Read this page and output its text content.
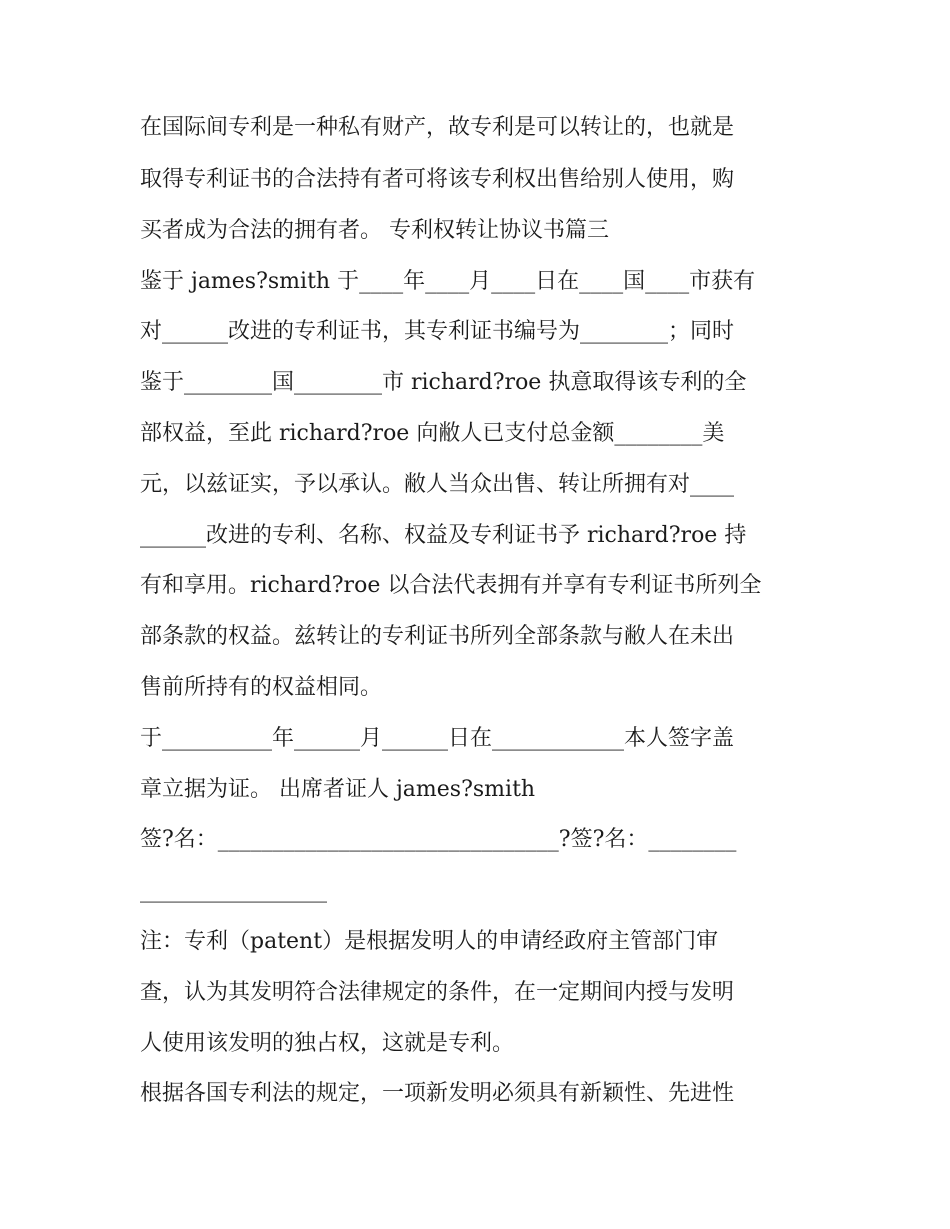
在国际间专利是一种私有财产，故专利是可以转让的，也就是
取得专利证书的合法持有者可将该专利权出售给别人使用，购
买者成为合法的拥有者。 专利权转让协议书篇三
鉴于 james?smith 于____年____月____日在____国____市获有
对______改进的专利证书，其专利证书编号为________；同时
鉴于________国________市 richard?roe 执意取得该专利的全
部权益，至此 richard?roe 向敝人已支付总金额________美
元，以兹证实，予以承认。敝人当众出售、转让所拥有对____
______改进的专利、名称、权益及专利证书予 richard?roe 持
有和享用。richard?roe 以合法代表拥有并享有专利证书所列全
部条款的权益。兹转让的专利证书所列全部条款与敝人在未出
售前所持有的权益相同。
于__________年______月______日在____________本人签字盖
章立据为证。 出席者证人 james?smith
签?名：_______________________________?签?名：________
_________________
注：专利（patent）是根据发明人的申请经政府主管部门审
查，认为其发明符合法律规定的条件，在一定期间内授与发明
人使用该发明的独占权，这就是专利。
根据各国专利法的规定，一项新发明必须具有新颖性、先进性
